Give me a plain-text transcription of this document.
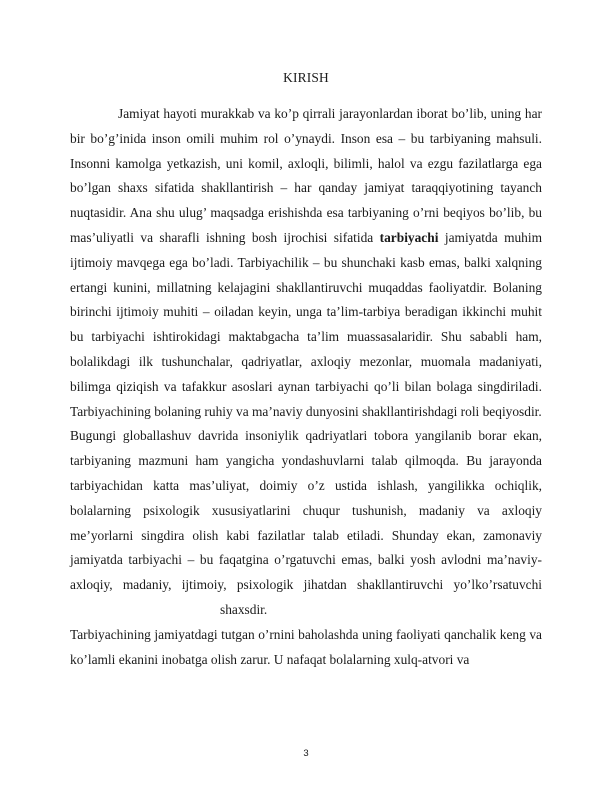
KIRISH

Jamiyat hayoti murakkab va ko’p qirrali jarayonlardan iborat bo’lib, uning har bir bo’g’inida inson omili muhim rol o’ynaydi. Inson esa – bu tarbiyaning mahsuli. Insonni kamolga yetkazish, uni komil, axloqli, bilimli, halol va ezgu fazilatlarga ega bo’lgan shaxs sifatida shakllantirish – har qanday jamiyat taraqqiyotining tayanch nuqtasidir. Ana shu ulug’ maqsadga erishishda esa tarbiyaning o’rni beqiyos bo’lib, bu mas’uliyatli va sharafli ishning bosh ijrochisi sifatida tarbiyachi jamiyatda muhim ijtimoiy mavqega ega bo’ladi. Tarbiyachilik – bu shunchaki kasb emas, balki xalqning ertangi kunini, millatning kelajagini shakllantiruvchi muqaddas faoliyatdir. Bolaning birinchi ijtimoiy muhiti – oiladan keyin, unga ta’lim-tarbiya beradigan ikkinchi muhit bu tarbiyachi ishtirokidagi maktabgacha ta’lim muassasalaridir. Shu sababli ham, bolalikdagi ilk tushunchalar, qadriyatlar, axloqiy mezonlar, muomala madaniyati, bilimga qiziqish va tafakkur asoslari aynan tarbiyachi qo’li bilan bolaga singdiriladi. Tarbiyachining bolaning ruhiy va ma’naviy dunyosini shakllantirishdagi roli beqiyosdir.

Bugungi globallashuv davrida insoniylik qadriyatlari tobora yangilanib borar ekan, tarbiyaning mazmuni ham yangicha yondashuvlarni talab qilmoqda. Bu jarayonda tarbiyachidan katta mas’uliyat, doimiy o’z ustida ishlash, yangilikka ochiqlik, bolalarning psixologik xususiyatlarini chuqur tushunish, madaniy va axloqiy me’yorlarni singdira olish kabi fazilatlar talab etiladi. Shunday ekan, zamonaviy jamiyatda tarbiyachi – bu faqatgina o’rgatuvchi emas, balki yosh avlodni ma’naviy-axloqiy, madaniy, ijtimoiy, psixologik jihatdan shakllantiruvchi yo’lko’rsatuvchishaxsdir.

Tarbiyachining jamiyatdagi tutgan o’rnini baholashda uning faoliyati qanchalik keng va ko’lamli ekanini inobatga olish zarur. U nafaqat bolalarning xulq-atvori va

3
